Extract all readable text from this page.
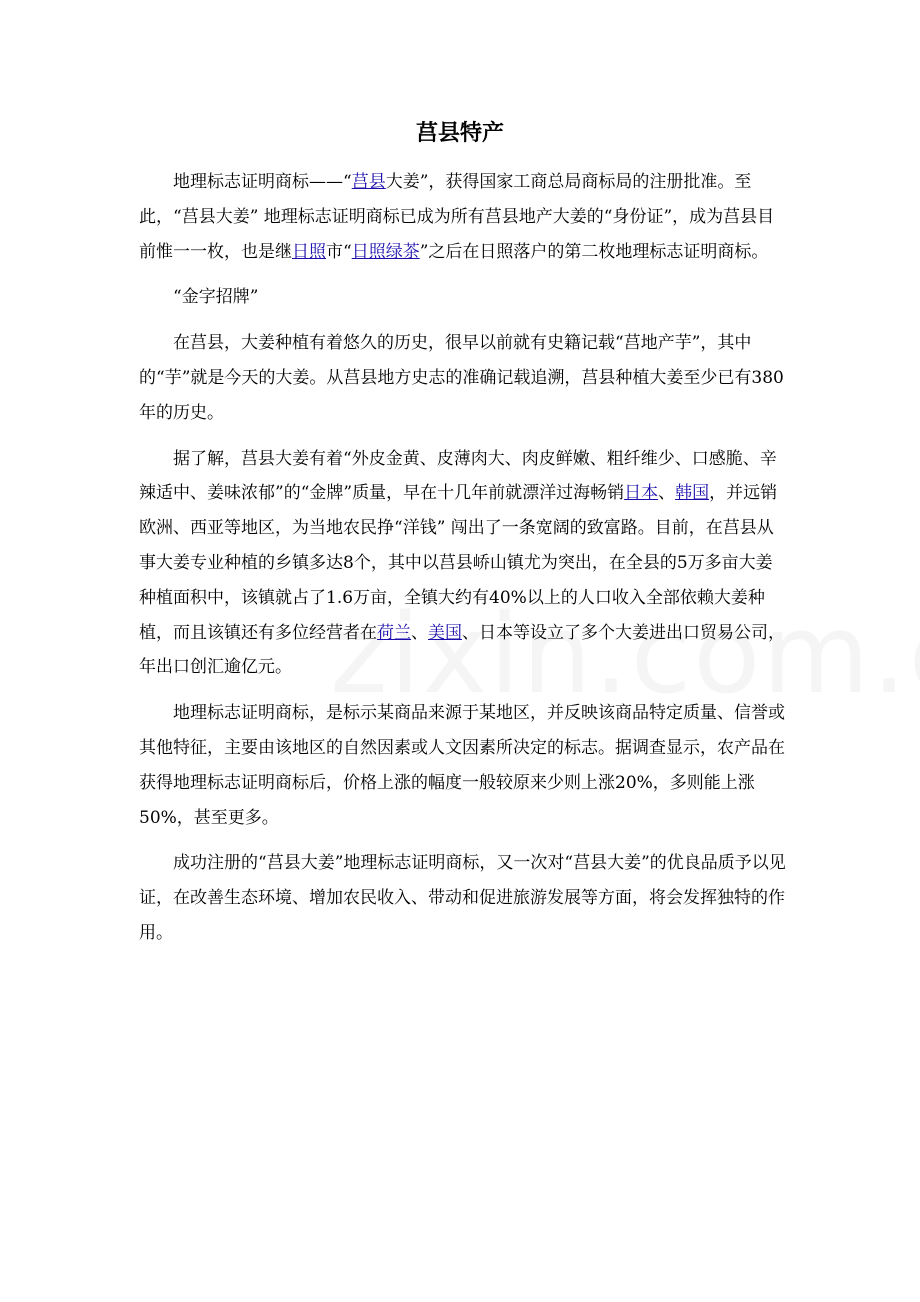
莒县特产

地理标志证明商标——“莒县大姜”，获得国家工商总局商标局的注册批准。至此，“莒县大姜” 地理标志证明商标已成为所有莒县地产大姜的“身份证”，成为莒县目前惟一一枚，也是继日照市“日照绿茶”之后在日照落户的第二枚地理标志证明商标。

“金字招牌”

在莒县，大姜种植有着悠久的历史，很早以前就有史籍记载“莒地产芋”，其中的“芋”就是今天的大姜。从莒县地方史志的准确记载追溯，莒县种植大姜至少已有380年的历史。

据了解，莒县大姜有着“外皮金黄、皮薄肉大、肉皮鲜嫩、粗纤维少、口感脆、辛辣适中、姜味浓郁”的“金牌”质量，早在十几年前就漂洋过海畅销日本、韩国，并远销欧洲、西亚等地区，为当地农民挣“洋钱” 闯出了一条宽阔的致富路。目前，在莒县从事大姜专业种植的乡镇多达8个，其中以莒县峤山镇尤为突出，在全县的5万多亩大姜种植面积中，该镇就占了1.6万亩，全镇大约有40%以上的人口收入全部依赖大姜种植，而且该镇还有多位经营者在荷兰、美国、日本等设立了多个大姜进出口贸易公司，年出口创汇逾亿元。

地理标志证明商标，是标示某商品来源于某地区，并反映该商品特定质量、信誉或其他特征，主要由该地区的自然因素或人文因素所决定的标志。据调查显示，农产品在获得地理标志证明商标后，价格上涨的幅度一般较原来少则上涨20%，多则能上涨50%，甚至更多。

成功注册的“莒县大姜”地理标志证明商标，又一次对“莒县大姜”的优良品质予以见证，在改善生态环境、增加农民收入、带动和促进旅游发展等方面，将会发挥独特的作用。
